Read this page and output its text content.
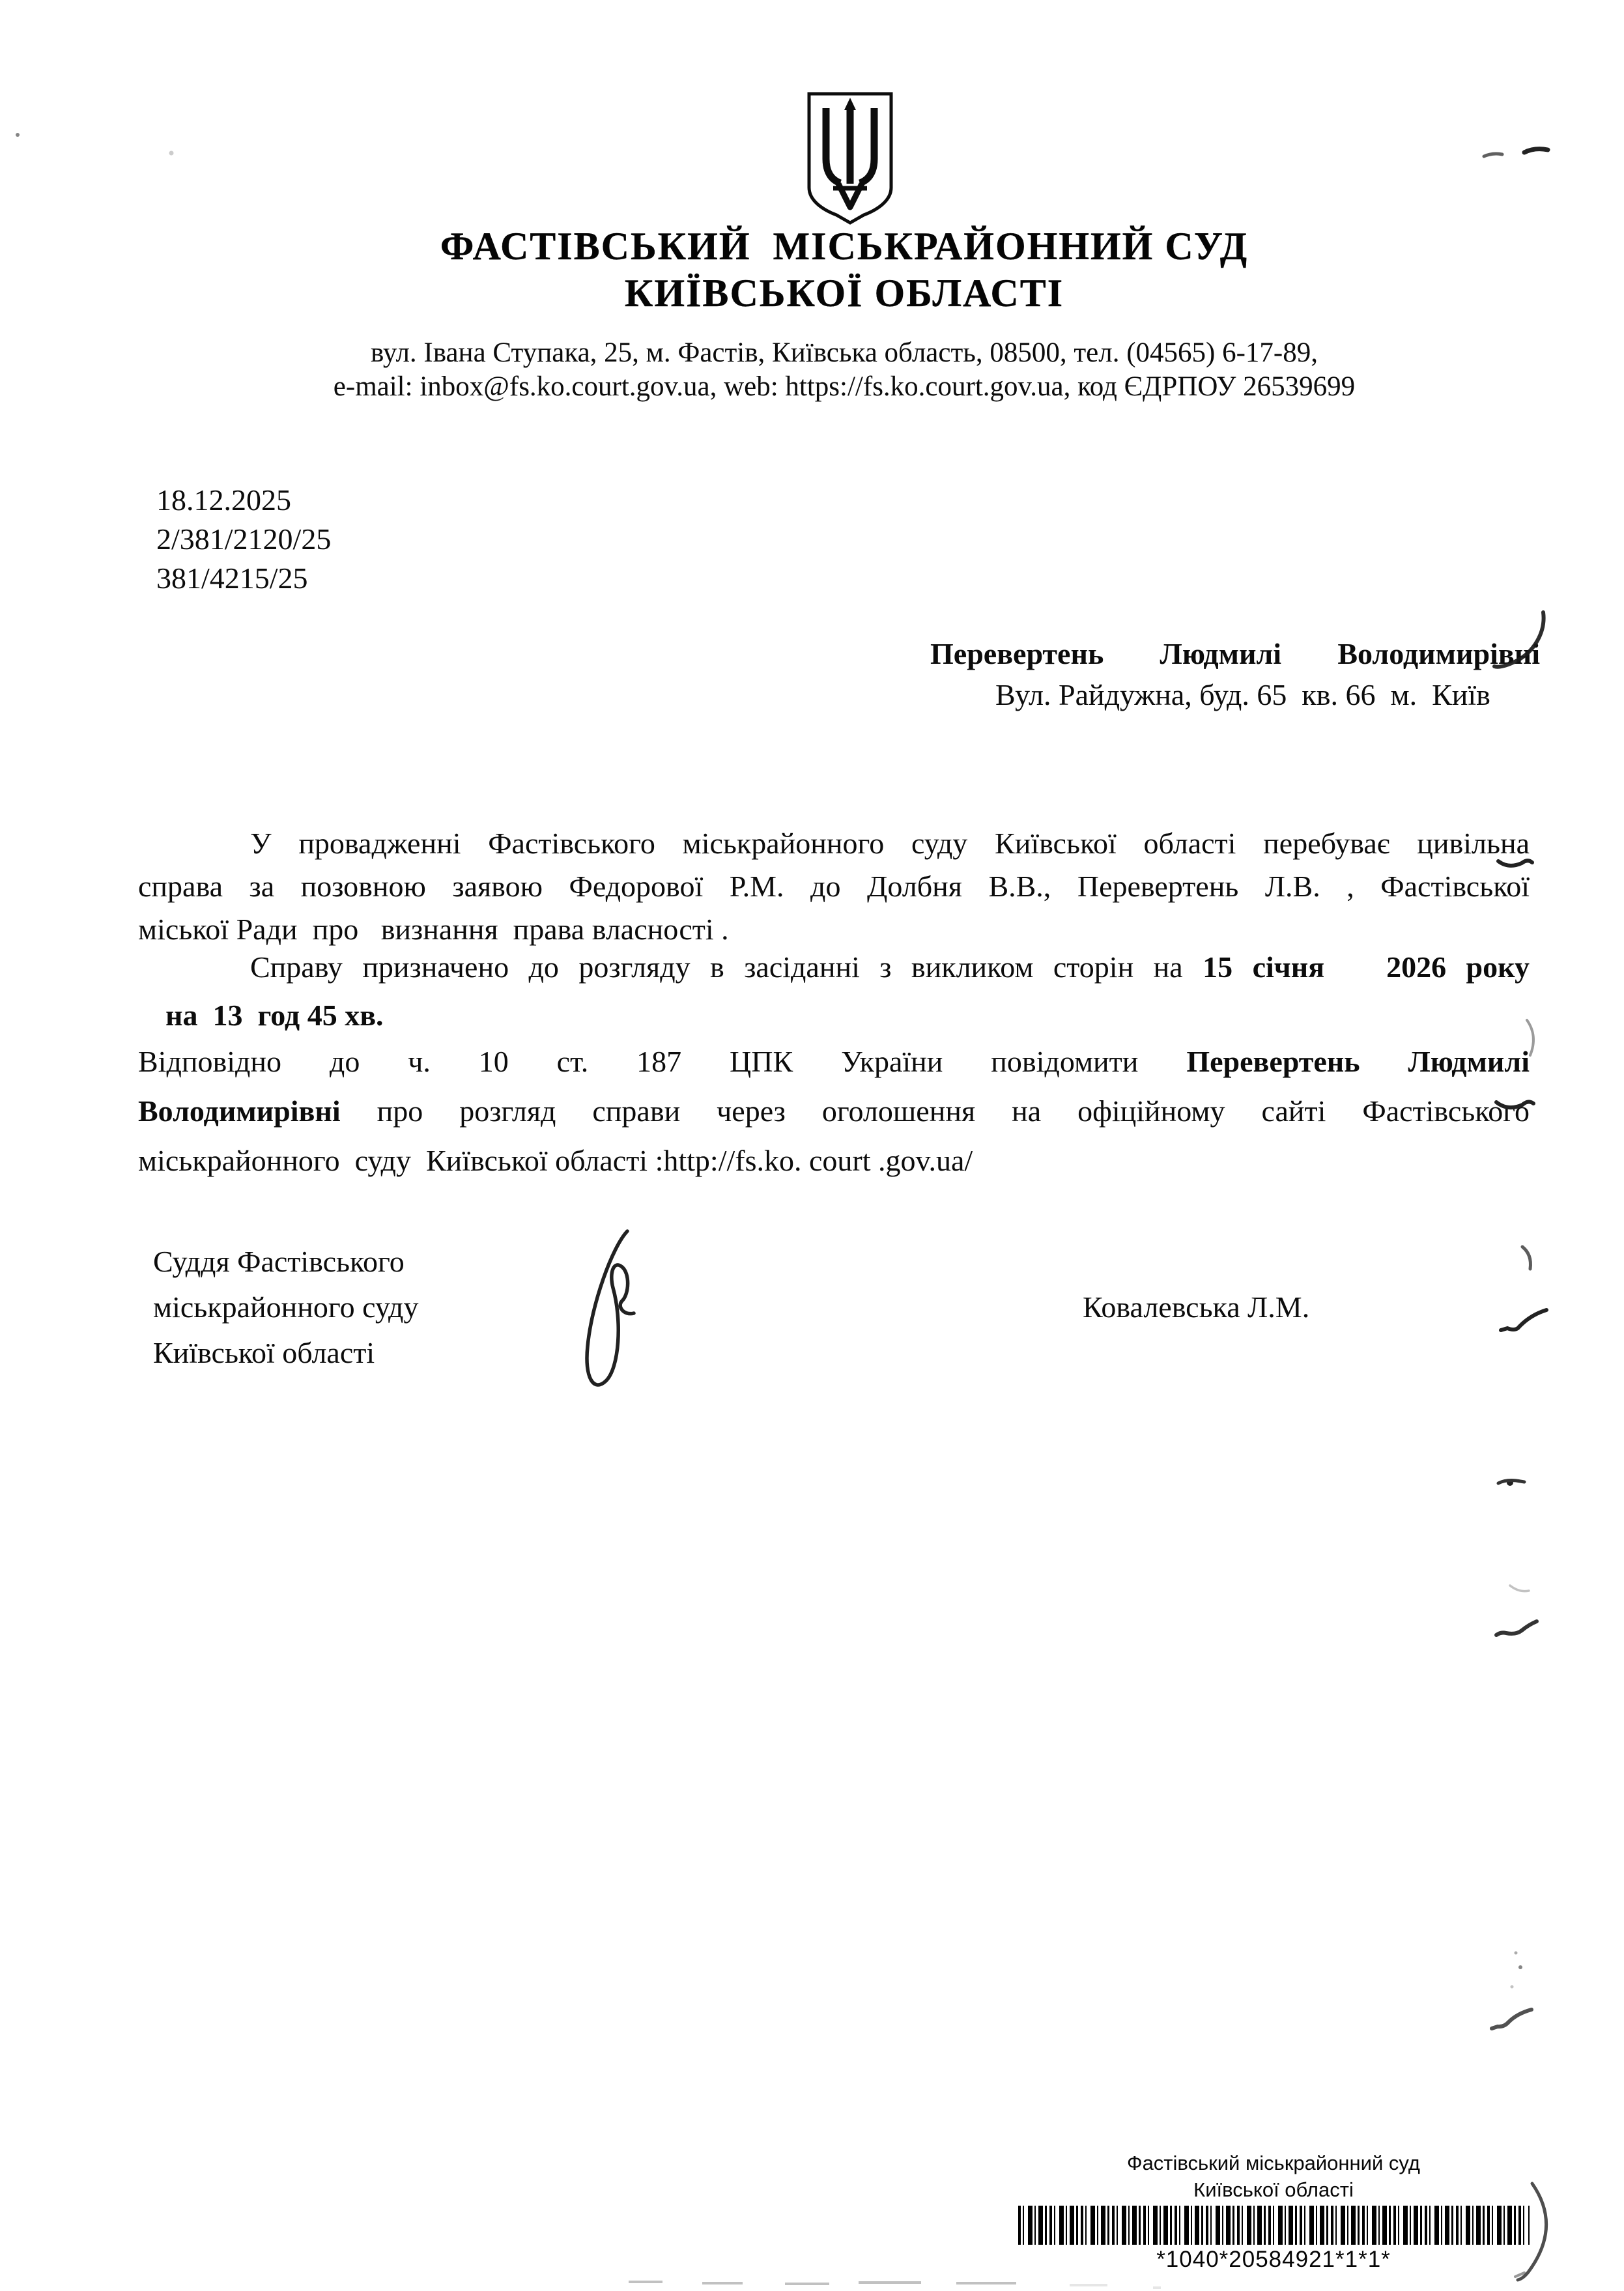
ФАСТІВСЬКИЙ  МІСЬКРАЙОННИЙ СУД
КИЇВСЬКОЇ ОБЛАСТІ
вул. Івана Ступака, 25, м. Фастів, Київська область, 08500, тел. (04565) 6-17-89,
e-mail: inbox@fs.ko.court.gov.ua, web: https://fs.ko.court.gov.ua, код ЄДРПОУ 26539699
18.12.2025
2/381/2120/25
381/4215/25
Перевертень Людмилі Володимирівні
Вул. Райдужна, буд. 65  кв. 66  м.  Київ
У провадженні Фастівського міськрайонного суду Київської області перебуває цивільна
справа за позовною заявою Федорової Р.М. до Долбня В.В., Перевертень Л.В. , Фастівської
міської Ради  про   визнання  права власності .
Справу призначено до розгляду в засіданні з викликом сторін на 15 січня 2026 року
на  13  год 45 хв.
Відповідно до ч. 10 ст. 187 ЦПК України повідомити Перевертень Людмилі
Володимирівні про розгляд справи через оголошення на офіційному сайті Фастівського
міськрайонного  суду  Київської області :http://fs.ko. court .gov.ua/
Суддя Фастівського
міськрайонного суду
Київської області
Ковалевська Л.М.
Фастівський міськрайонний суд
Київської області
*1040*20584921*1*1*
